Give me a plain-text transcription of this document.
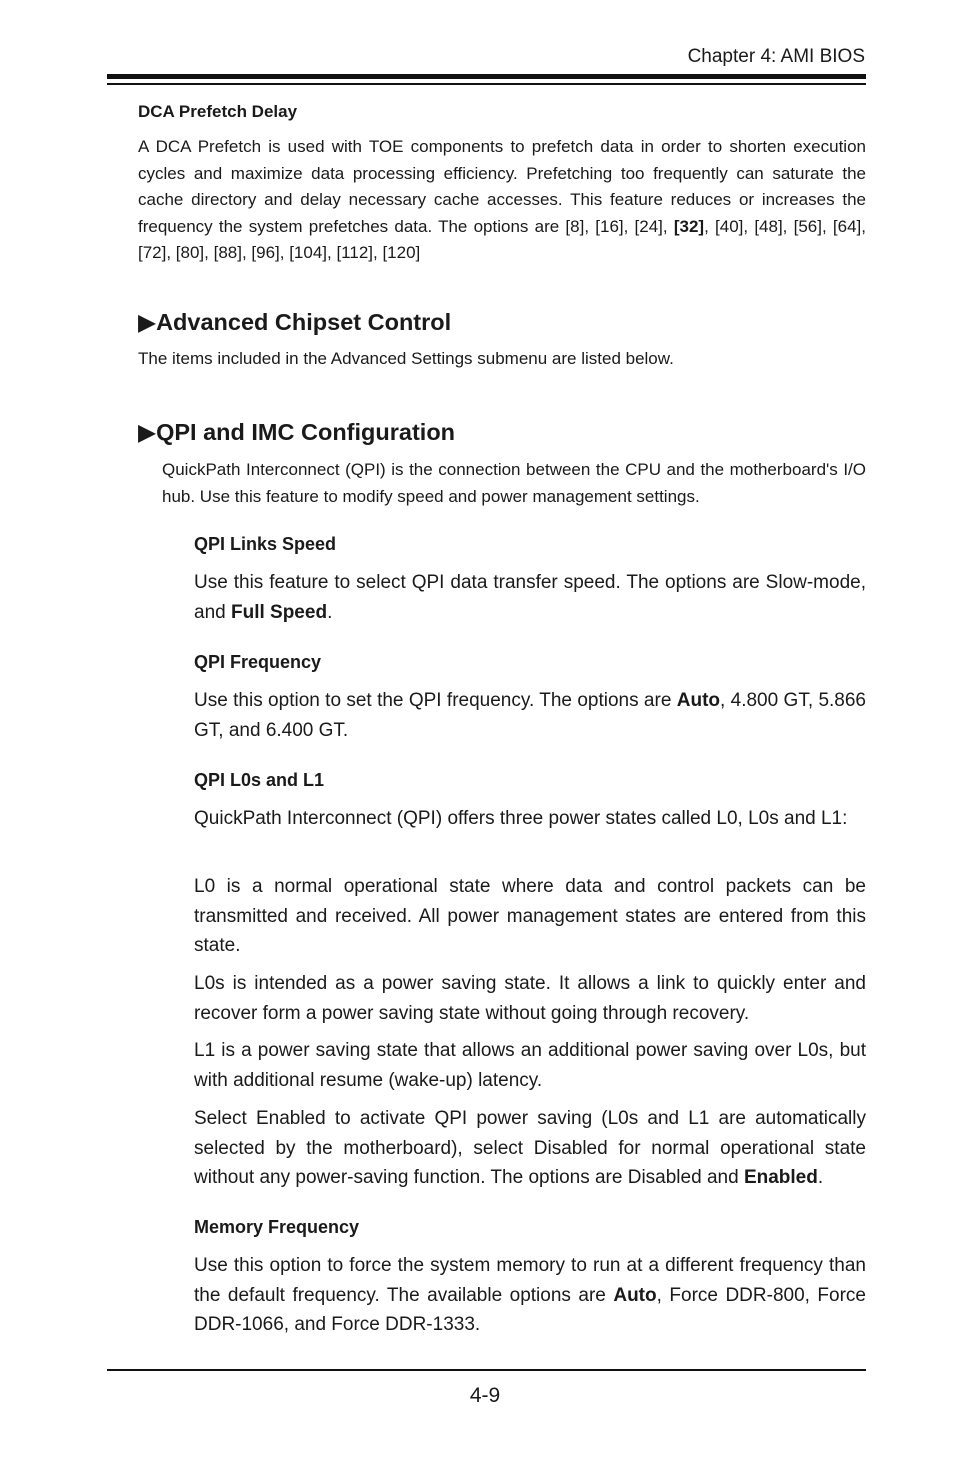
Chapter 4: AMI BIOS
DCA Prefetch Delay
A DCA Prefetch is used with TOE components to prefetch data in order to shorten execution cycles and maximize data processing efficiency. Prefetching too frequently can saturate the cache directory and delay necessary cache accesses. This feature reduces or increases the frequency the system prefetches data. The options are [8], [16], [24], [32], [40], [48], [56], [64], [72], [80], [88], [96], [104], [112], [120]
▶Advanced Chipset Control
The items included in the Advanced Settings submenu are listed below.
▶QPI and IMC Configuration
QuickPath Interconnect (QPI) is the connection between the CPU and the motherboard's I/O hub. Use this feature to modify speed and power management settings.
QPI Links Speed
Use this feature to select QPI data transfer speed. The options are Slow-mode, and Full Speed.
QPI Frequency
Use this option to set the QPI frequency. The options are Auto, 4.800 GT, 5.866 GT, and 6.400 GT.
QPI L0s and L1
QuickPath Interconnect (QPI) offers three power states called L0, L0s and L1:
L0 is a normal operational state where data and control packets can be transmitted and received. All power management states are entered from this state.
L0s is intended as a power saving state. It allows a link to quickly enter and recover form a power saving state without going through recovery.
L1 is a power saving state that allows an additional power saving over L0s, but with additional resume (wake-up) latency.
Select Enabled to activate QPI power saving (L0s and L1 are automatically selected by the motherboard), select Disabled for normal operational state without any power-saving function. The options are Disabled and Enabled.
Memory Frequency
Use this option to force the system memory to run at a different frequency than the default frequency. The available options are Auto, Force DDR-800, Force DDR-1066, and Force DDR-1333.
4-9
